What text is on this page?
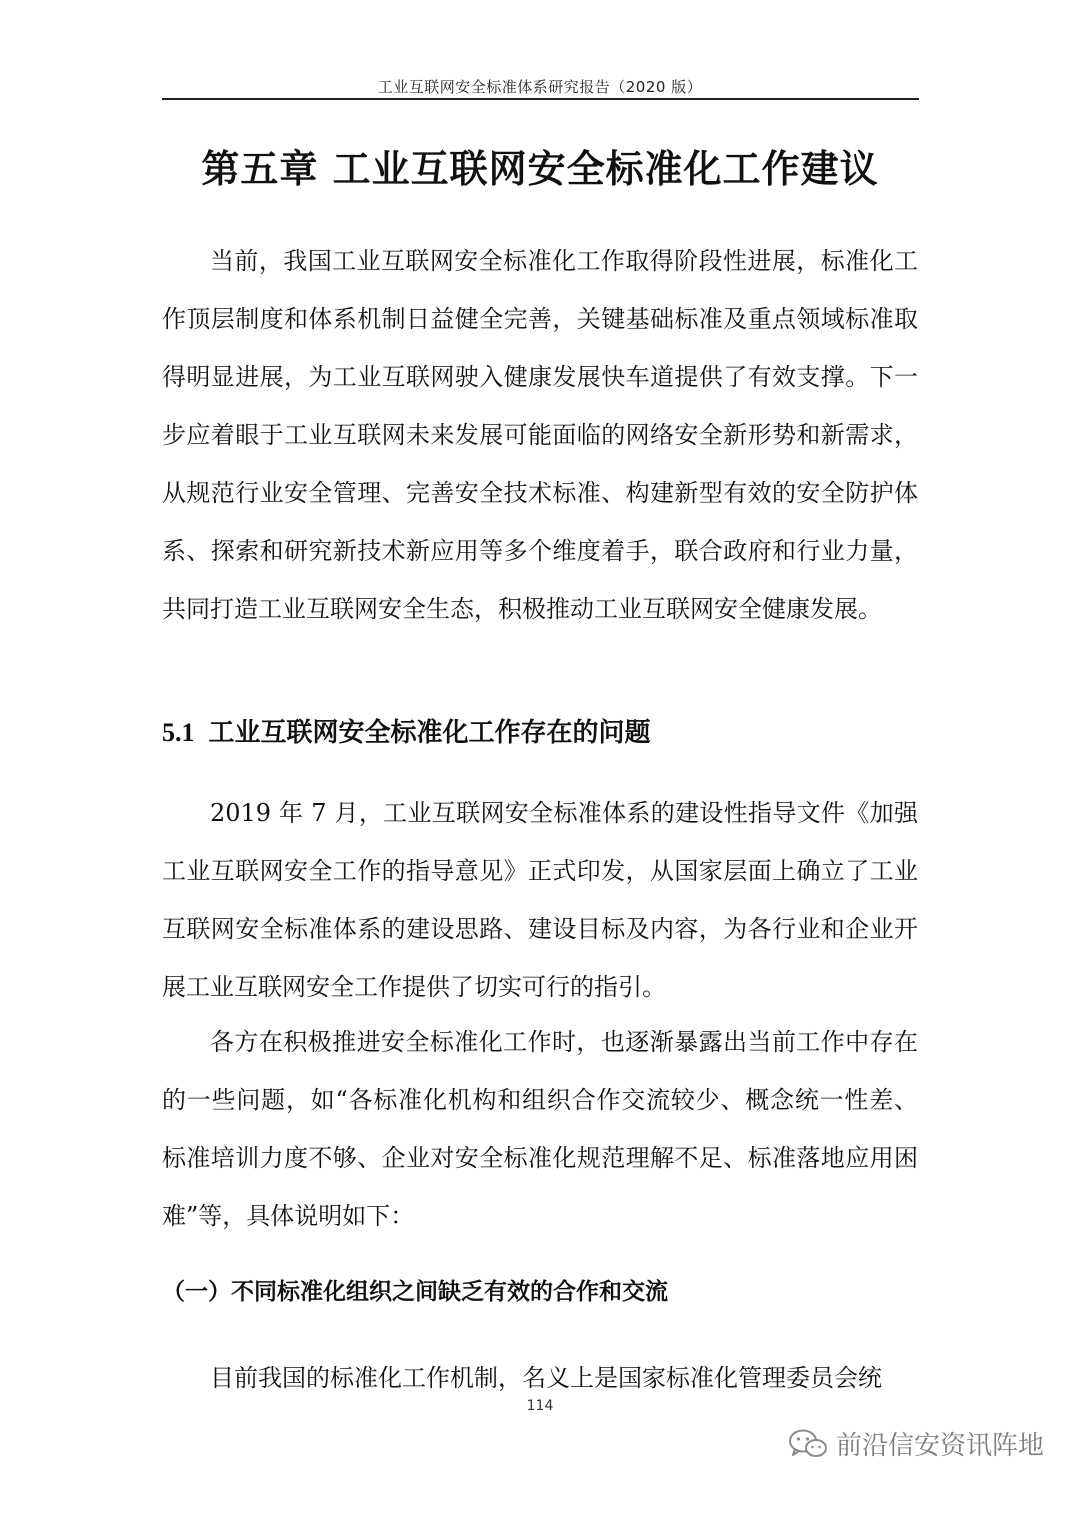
工业互联网安全标准体系研究报告（2020 版）
第五章 工业互联网安全标准化工作建议

当前，我国工业互联网安全标准化工作取得阶段性进展，标准化工作顶层制度和体系机制日益健全完善，关键基础标准及重点领域标准取得明显进展，为工业互联网驶入健康发展快车道提供了有效支撑。下一步应着眼于工业互联网未来发展可能面临的网络安全新形势和新需求，从规范行业安全管理、完善安全技术标准、构建新型有效的安全防护体系、探索和研究新技术新应用等多个维度着手，联合政府和行业力量，共同打造工业互联网安全生态，积极推动工业互联网安全健康发展。

5.1 工业互联网安全标准化工作存在的问题

2019 年 7 月，工业互联网安全标准体系的建设性指导文件《加强工业互联网安全工作的指导意见》正式印发，从国家层面上确立了工业互联网安全标准体系的建设思路、建设目标及内容，为各行业和企业开展工业互联网安全工作提供了切实可行的指引。

各方在积极推进安全标准化工作时，也逐渐暴露出当前工作中存在的一些问题，如“各标准化机构和组织合作交流较少、概念统一性差、标准培训力度不够、企业对安全标准化规范理解不足、标准落地应用困难”等，具体说明如下：

（一）不同标准化组织之间缺乏有效的合作和交流

目前我国的标准化工作机制，名义上是国家标准化管理委员会统

114
前沿信安资讯阵地
